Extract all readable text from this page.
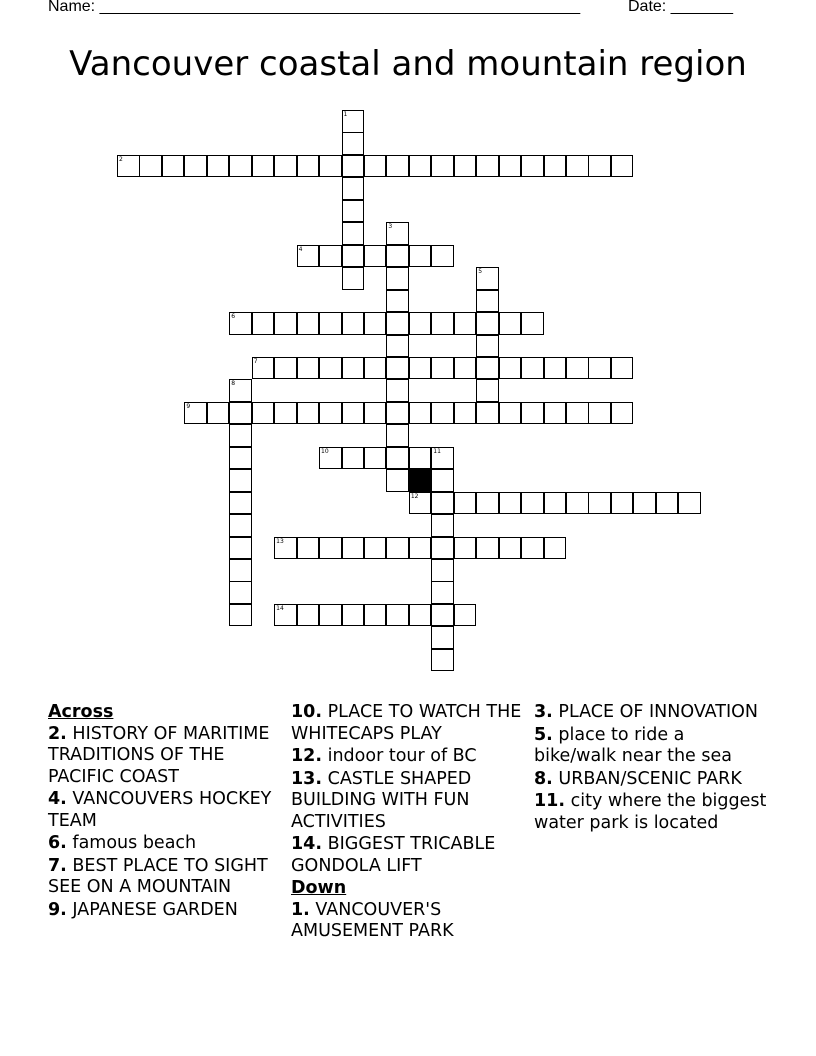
Name: ______________________________________________________	Date: _______
Vancouver coastal and mountain region
1
2
3
4
5
6
7
8
9
10	11
12
13
14
Across
2. HISTORY OF MARITIME TRADITIONS OF THE PACIFIC COAST
4. VANCOUVERS HOCKEY TEAM
6. famous beach
7. BEST PLACE TO SIGHT SEE ON A MOUNTAIN
9. JAPANESE GARDEN
10. PLACE TO WATCH THE WHITECAPS PLAY
12. indoor tour of BC
13. CASTLE SHAPED BUILDING WITH FUN ACTIVITIES
14. BIGGEST TRICABLE GONDOLA LIFT
Down
1. VANCOUVER'S AMUSEMENT PARK
3. PLACE OF INNOVATION
5. place to ride a bike/walk near the sea
8. URBAN/SCENIC PARK
11. city where the biggest water park is located
